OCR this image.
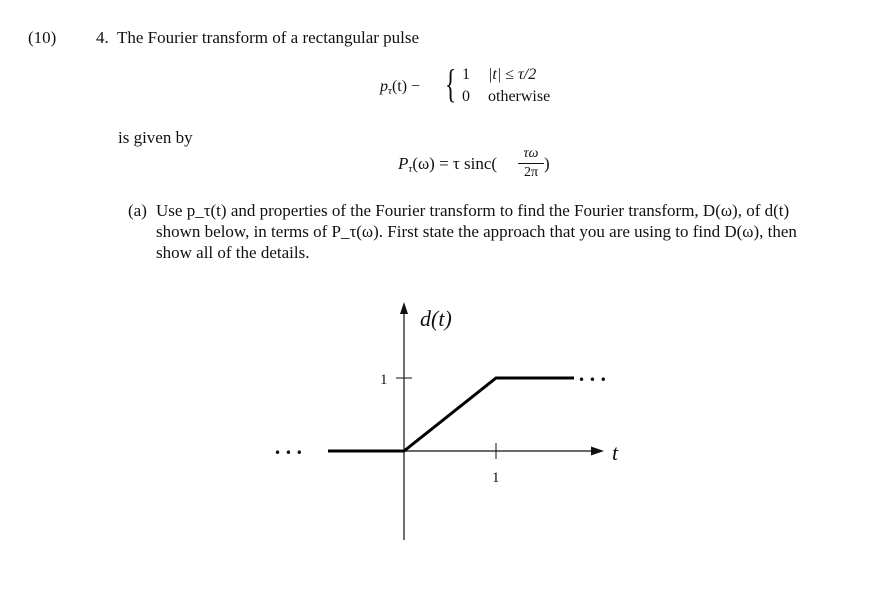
(10) 4. The Fourier transform of a rectangular pulse
$p_\tau(t)$ − { 1 |t| ≤ τ/2
0 otherwise
is given by
$P_\tau(\omega) = \tau$ sinc(
τω
2π )
(a) Use p_τ(t) and properties of the Fourier transform to find the Fourier transform, D(ω), of d(t)
shown below, in terms of P_τ(ω). First state the approach that you are using to find D(ω), then
show all of the details.
d(t)
t
1
1
• • •
• • •
